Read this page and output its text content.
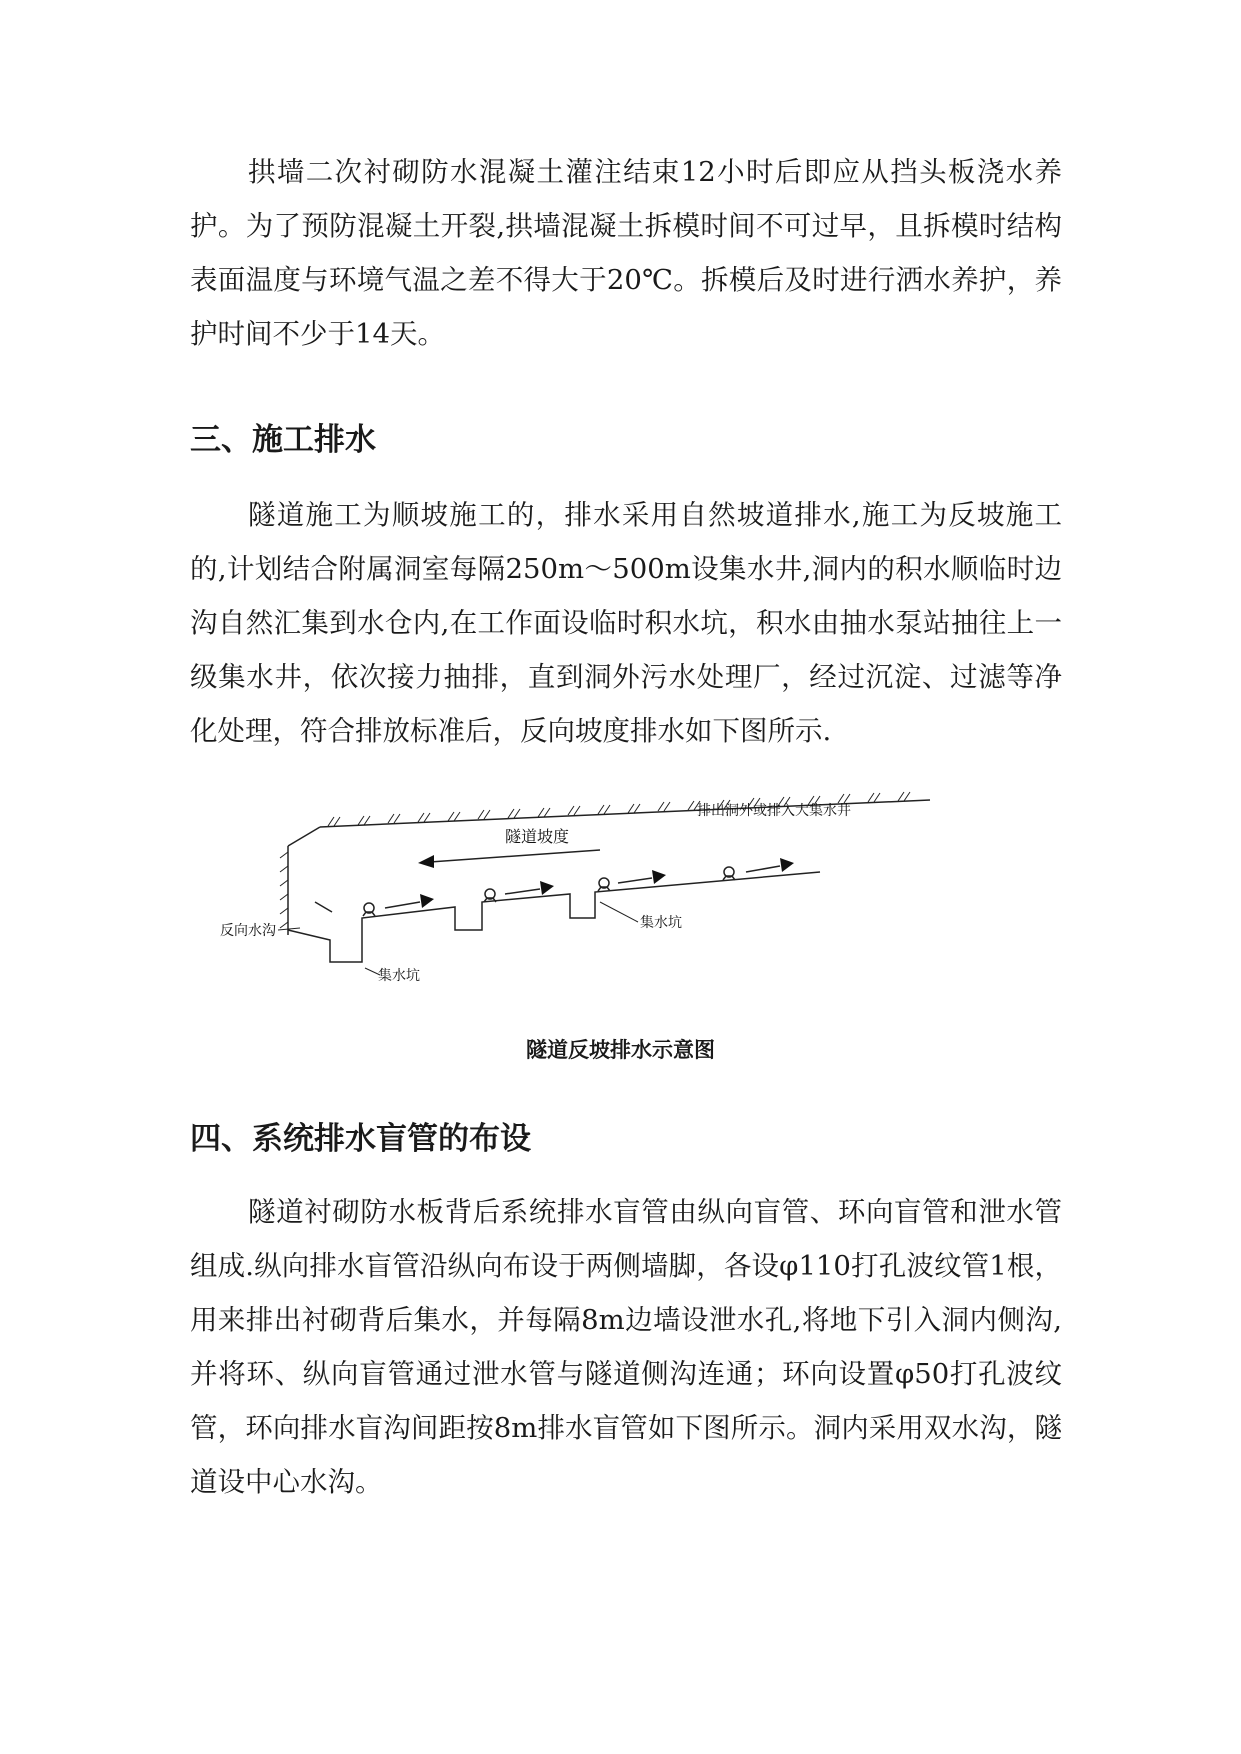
拱墙二次衬砌防水混凝土灌注结束12小时后即应从挡头板浇水养护。为了预防混凝土开裂,拱墙混凝土拆模时间不可过早，且拆模时结构表面温度与环境气温之差不得大于20℃。拆模后及时进行洒水养护，养护时间不少于14天。

三、施工排水

隧道施工为顺坡施工的，排水采用自然坡道排水,施工为反坡施工的,计划结合附属洞室每隔250m～500m设集水井,洞内的积水顺临时边沟自然汇集到水仓内,在工作面设临时积水坑，积水由抽水泵站抽往上一级集水井，依次接力抽排，直到洞外污水处理厂，经过沉淀、过滤等净化处理，符合排放标准后，反向坡度排水如下图所示.

隧道坡度
排出洞外或排入大集水井
反向水沟
集水坑
集水坑
隧道反坡排水示意图
四、系统排水盲管的布设

隧道衬砌防水板背后系统排水盲管由纵向盲管、环向盲管和泄水管组成.纵向排水盲管沿纵向布设于两侧墙脚，各设φ110打孔波纹管1根，用来排出衬砌背后集水，并每隔8m边墙设泄水孔,将地下引入洞内侧沟,并将环、纵向盲管通过泄水管与隧道侧沟连通；环向设置φ50打孔波纹管，环向排水盲沟间距按8m排水盲管如下图所示。洞内采用双水沟，隧道设中心水沟。
